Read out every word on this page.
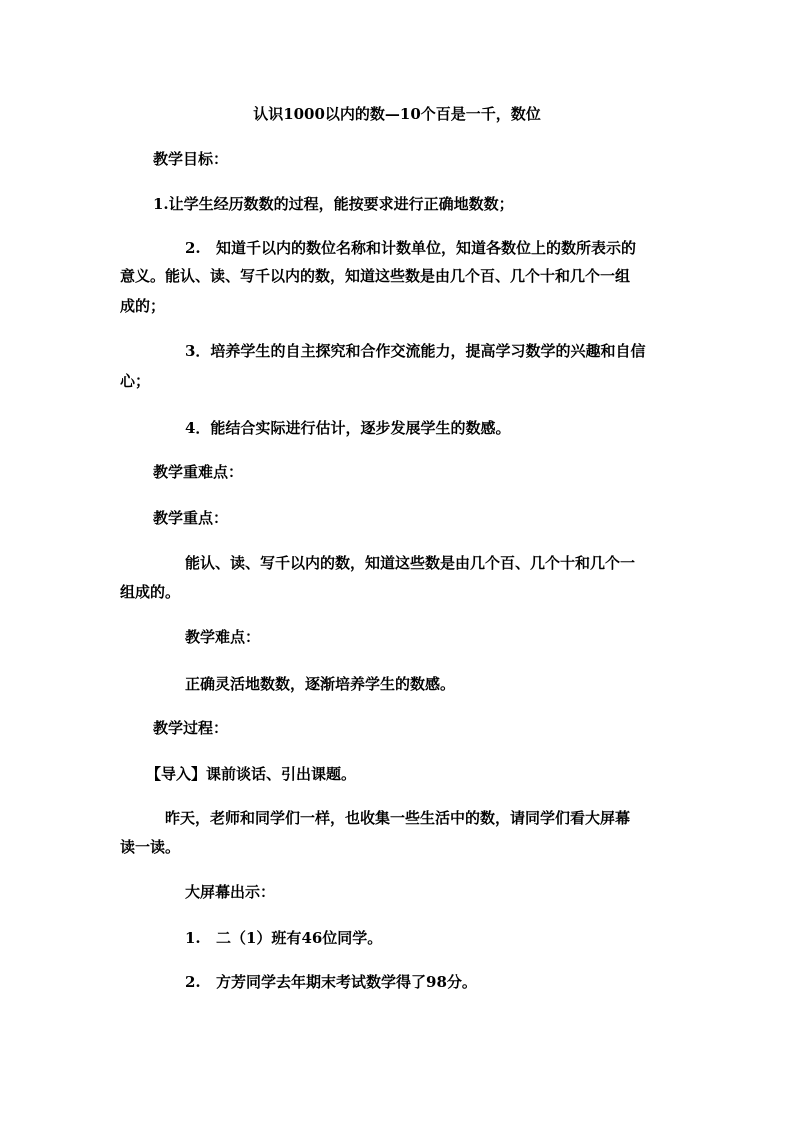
认识1000以内的数—10个百是一千，数位
教学目标：
1.让学生经历数数的过程，能按要求进行正确地数数；
2. 知道千以内的数位名称和计数单位，知道各数位上的数所表示的
意义。能认、读、写千以内的数，知道这些数是由几个百、几个十和几个一组
成的；
3．培养学生的自主探究和合作交流能力，提高学习数学的兴趣和自信
心；
4．能结合实际进行估计，逐步发展学生的数感。
教学重难点：
教学重点：
能认、读、写千以内的数，知道这些数是由几个百、几个十和几个一
组成的。
教学难点：
正确灵活地数数，逐渐培养学生的数感。
教学过程：
【导入】课前谈话、引出课题。
昨天，老师和同学们一样，也收集一些生活中的数，请同学们看大屏幕
读一读。
大屏幕出示：
1. 二（1）班有46位同学。
2. 方芳同学去年期末考试数学得了98分。
